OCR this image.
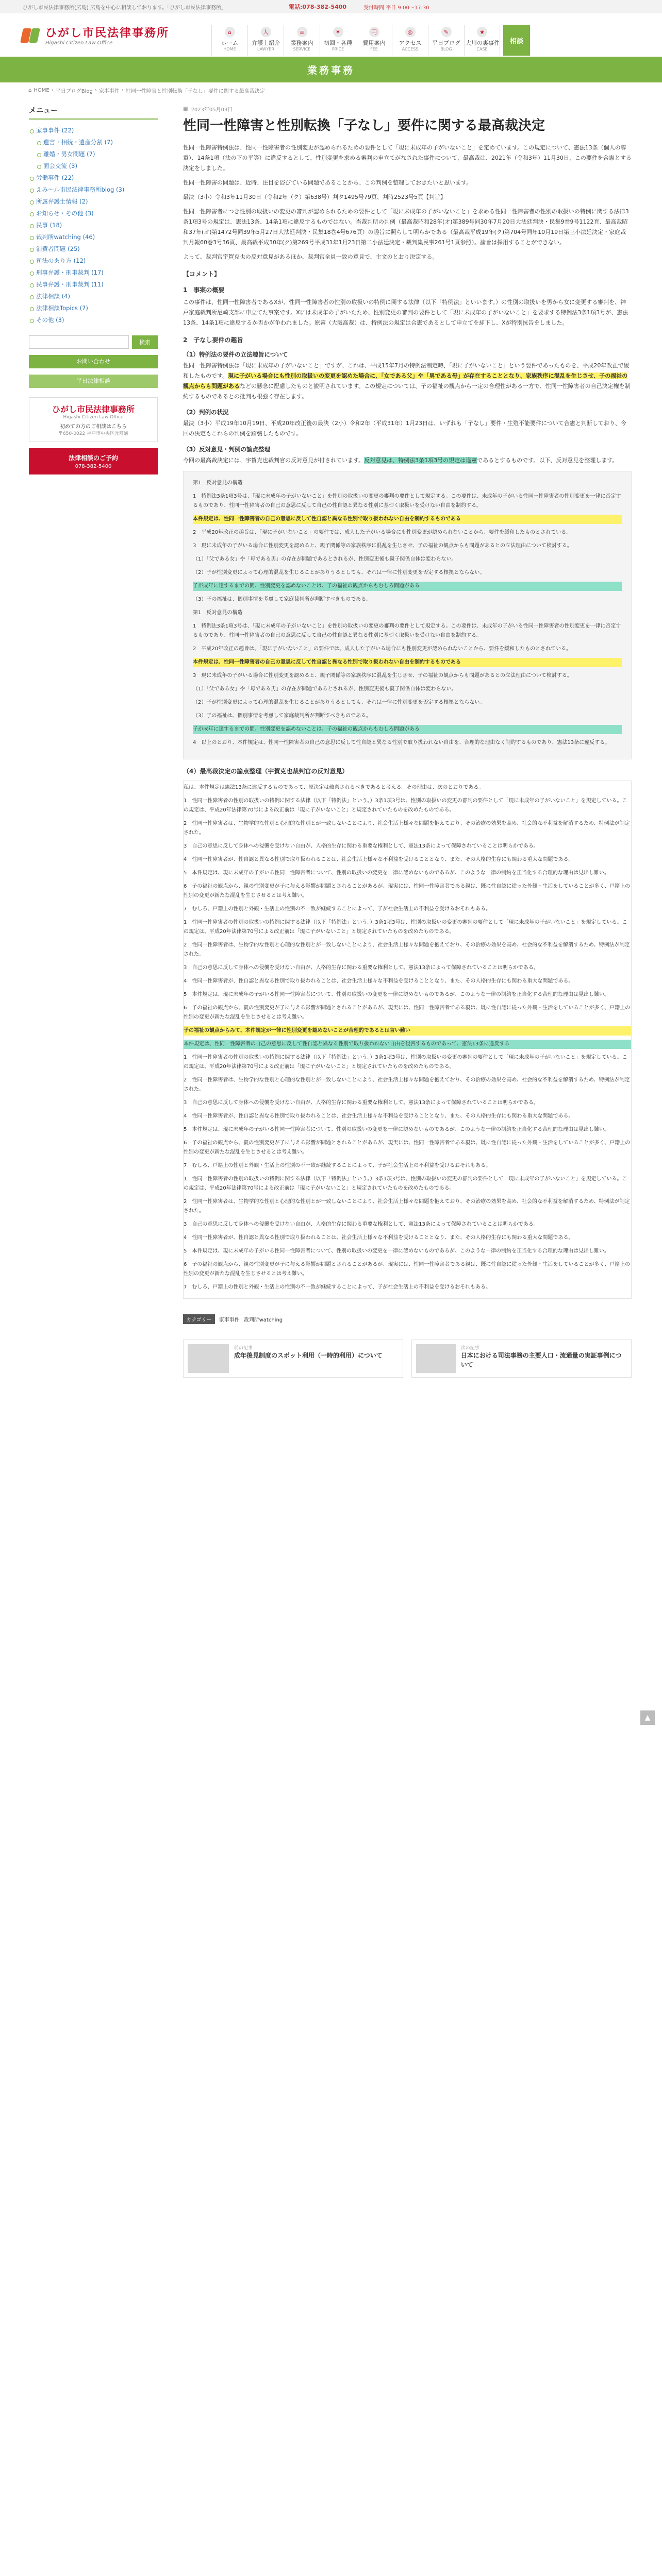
ひがし市民法律事務所(広島) 広島を中心に相談しております。「ひがし市民法律事務所」	電話:078-382-5400	受付時間 平日 9:00～17:30
ひがし市民法律事務所
Higashi Citizen Law Office
⌂
ホーム
HOME
人
弁護士紹介
LAWYER
≡
業務案内
SERVICE
¥
初回・各種
PRICE
円
費用案内
FEE
◎
アクセス
ACCESS
✎
平日ブログ
BLOG
★
大川の裏事件
CASE
相談
業務事務
⌂ HOME › 平日ブログBlog › 家事事件 › 性同一性障害と性別転換「子なし」要件に関する最高裁決定
メニュー
家事事件 (22)
遺言・相続・遺産分割 (7)
離婚・男女問題 (7)
面会交流 (3)
労働事件 (22)
えみ〜ル市民法律事務所blog (3)
所属弁護士情報 (2)
お知らせ・その他 (3)
民事 (18)
裁判所watching (46)
消費者問題 (25)
司法のあり方 (12)
刑事弁護・刑事裁判 (17)
民事弁護・刑事裁判 (11)
法律相談 (4)
法律相談Topics (7)
その他 (3)
検索
お問い合わせ
平日法律相談
ひがし市民法律事務所
Higashi Citizen Law Office
初めての方のご相談はこちら
〒650-0022 神戸市中央区元町通
法律相談のご予約
078-382-5400
▦ 2023年05月03日
性同一性障害と性別転換「子なし」要件に関する最高裁決定

性同一性障害特例法は、性同一性障害者の性別変更が認められるための要件として「現に未成年の子がいないこと」を定めています。この規定について、憲法13条（個人の尊重）、14条1項（法の下の平等）に違反するとして、性別変更を求める審判の申立てがなされた事件について、最高裁は、2021年（令和3年）11月30日、この要件を合憲とする決定をしました。

性同一性障害の問題は、近時、注目を浴びている問題であることから、この判例を整理しておきたいと思います。

最決（3小）令和3年11月30日（令和2年（ク）第638号）判タ1495号79頁、判時2523号5頁【判旨】

性同一性障害者につき性別の取扱いの変更の審判が認められるための要件として「現に未成年の子がいないこと」を求める性同一性障害者の性別の取扱いの特例に関する法律3条1項3号の規定は、憲法13条、14条1項に違反するものではない。当裁判所の判例（最高裁昭和28年(オ)第389号同30年7月20日大法廷判決・民集9巻9号1122頁、最高裁昭和37年(オ)第1472号同39年5月27日大法廷判決・民集18巻4号676頁）の趣旨に照らして明らかである（最高裁平成19年(ク)第704号同年10月19日第三小法廷決定・家庭裁判月報60巻3号36頁、最高裁平成30年(ク)第269号平成31年1月23日第二小法廷決定・裁判集民事261号1頁参照）。論旨は採用することができない。

よって、裁判官宇賀克也の反対意見があるほか、裁判官全員一致の意見で、主文のとおり決定する。

【コメント】
1　事案の概要

この事件は、性同一性障害者であるXが、性同一性障害者の性別の取扱いの特例に関する法律（以下「特例法」といいます。）の性別の取扱いを男から女に変更する審判を、神戸家庭裁判所尼崎支部に申立てた事案です。Xには未成年の子がいたため、性別変更の審判の要件として「現に未成年の子がいないこと」を要求する特例法3条1項3号が、憲法13条、14条1項に違反するか否かが争われました。原審（大阪高裁）は、特例法の規定は合憲であるとして申立てを却下し、Xが特別抗告をしました。

2　子なし要件の趣旨
（1）特例法の要件の立法趣旨について

性同一性障害特例法は「現に未成年の子がいないこと」ですが、これは、平成15年7月の特例法制定時、「現に子がいないこと」という要件であったものを、平成20年改正で緩和したものです。現に子がいる場合にも性別の取扱いの変更を認めた場合に、「女である父」や「男である母」が存在することとなり、家族秩序に混乱を生じさせ、子の福祉の観点からも問題があるなどの懸念に配慮したものと説明されています。この規定については、子の福祉の観点から一定の合理性がある一方で、性同一性障害者の自己決定権を制約するものであるとの批判も根強く存在します。

（2）判例の状況

最決（3小）平成19年10月19日、平成20年改正後の最決（2小）令和2年（平成31年）1月23日は、いずれも「子なし」要件・生殖不能要件について合憲と判断しており、今回の決定もこれらの判例を踏襲したものです。

（3）反対意見・判例の論点整理

今回の最高裁決定には、宇賀克也裁判官の反対意見が付されています。反対意見は、特例法3条1項3号の規定は違憲であるとするものです。以下、反対意見を整理します。

第1　反対意見の構造

1　特例法3条1項3号は、「現に未成年の子がいないこと」を性別の取扱いの変更の審判の要件として規定する。この要件は、未成年の子がいる性同一性障害者の性別変更を一律に否定するものであり、性同一性障害者の自己の意思に反して自己の性自認と異なる性別に基づく取扱いを受けない自由を制約する。

本件規定は、性同一性障害者の自己の意思に反して性自認と異なる性別で取り扱われない自由を制約するものである

2　平成20年改正の趣旨は、「現に子がいないこと」の要件では、成人した子がいる場合にも性別変更が認められないことから、要件を緩和したものとされている。

3　現に未成年の子がいる場合に性別変更を認めると、親子関係等の家族秩序に混乱を生じさせ、子の福祉の観点からも問題があるとの立法理由について検討する。

（1）「父である女」や「母である男」の存在が問題であるとされるが、性別変更後も親子関係自体は変わらない。

（2）子が性別変更によって心理的混乱を生じることがありうるとしても、それは一律に性別変更を否定する根拠とならない。

子が成年に達するまでの間、性別変更を認めないことは、子の福祉の観点からもむしろ問題がある

（3）子の福祉は、個別事情を考慮して家庭裁判所が判断すべきものである。

第1　反対意見の構造

1　特例法3条1項3号は、「現に未成年の子がいないこと」を性別の取扱いの変更の審判の要件として規定する。この要件は、未成年の子がいる性同一性障害者の性別変更を一律に否定するものであり、性同一性障害者の自己の意思に反して自己の性自認と異なる性別に基づく取扱いを受けない自由を制約する。

2　平成20年改正の趣旨は、「現に子がいないこと」の要件では、成人した子がいる場合にも性別変更が認められないことから、要件を緩和したものとされている。

本件規定は、性同一性障害者の自己の意思に反して性自認と異なる性別で取り扱われない自由を制約するものである

3　現に未成年の子がいる場合に性別変更を認めると、親子関係等の家族秩序に混乱を生じさせ、子の福祉の観点からも問題があるとの立法理由について検討する。

（1）「父である女」や「母である男」の存在が問題であるとされるが、性別変更後も親子関係自体は変わらない。

（2）子が性別変更によって心理的混乱を生じることがありうるとしても、それは一律に性別変更を否定する根拠とならない。

（3）子の福祉は、個別事情を考慮して家庭裁判所が判断すべきものである。

子が成年に達するまでの間、性別変更を認めないことは、子の福祉の観点からもむしろ問題がある

4　以上のとおり、本件規定は、性同一性障害者の自己の意思に反して性自認と異なる性別で取り扱われない自由を、合理的な理由なく制約するものであり、憲法13条に違反する。

（4）最高裁決定の論点整理（宇賀克也裁判官の反対意見）

私は、本件規定は憲法13条に違反するものであって、原決定は破棄されるべきであると考える。その理由は、次のとおりである。

1　性同一性障害者の性別の取扱いの特例に関する法律（以下「特例法」という。）3条1項3号は、性別の取扱いの変更の審判の要件として「現に未成年の子がいないこと」を規定している。この規定は、平成20年法律第70号による改正前は「現に子がいないこと」と規定されていたものを改めたものである。

2　性同一性障害者は、生物学的な性別と心理的な性別とが一致しないことにより、社会生活上様々な問題を抱えており、その治療の効果を高め、社会的な不利益を解消するため、特例法が制定された。

3　自己の意思に反して身体への侵襲を受けない自由が、人格的生存に関わる重要な権利として、憲法13条によって保障されていることは明らかである。

4　性同一性障害者が、性自認と異なる性別で取り扱われることは、社会生活上様々な不利益を受けることとなり、また、その人格的生存にも関わる重大な問題である。

5　本件規定は、現に未成年の子がいる性同一性障害者について、性別の取扱いの変更を一律に認めないものであるが、このような一律の制約を正当化する合理的な理由は見出し難い。

6　子の福祉の観点から、親の性別変更が子に与える影響が問題とされることがあるが、現実には、性同一性障害者である親は、既に性自認に従った外観・生活をしていることが多く、戸籍上の性別の変更が新たな混乱を生じさせるとは考え難い。

7　むしろ、戸籍上の性別と外観・生活上の性別の不一致が継続することによって、子が社会生活上の不利益を受けるおそれもある。

1　性同一性障害者の性別の取扱いの特例に関する法律（以下「特例法」という。）3条1項3号は、性別の取扱いの変更の審判の要件として「現に未成年の子がいないこと」を規定している。この規定は、平成20年法律第70号による改正前は「現に子がいないこと」と規定されていたものを改めたものである。

2　性同一性障害者は、生物学的な性別と心理的な性別とが一致しないことにより、社会生活上様々な問題を抱えており、その治療の効果を高め、社会的な不利益を解消するため、特例法が制定された。

3　自己の意思に反して身体への侵襲を受けない自由が、人格的生存に関わる重要な権利として、憲法13条によって保障されていることは明らかである。

4　性同一性障害者が、性自認と異なる性別で取り扱われることは、社会生活上様々な不利益を受けることとなり、また、その人格的生存にも関わる重大な問題である。

5　本件規定は、現に未成年の子がいる性同一性障害者について、性別の取扱いの変更を一律に認めないものであるが、このような一律の制約を正当化する合理的な理由は見出し難い。

6　子の福祉の観点から、親の性別変更が子に与える影響が問題とされることがあるが、現実には、性同一性障害者である親は、既に性自認に従った外観・生活をしていることが多く、戸籍上の性別の変更が新たな混乱を生じさせるとは考え難い。

子の福祉の観点からみて、本件規定が一律に性別変更を認めないことが合理的であるとは言い難い

本件規定は、性同一性障害者の自己の意思に反して性自認と異なる性別で取り扱われない自由を侵害するものであって、憲法13条に違反する

1　性同一性障害者の性別の取扱いの特例に関する法律（以下「特例法」という。）3条1項3号は、性別の取扱いの変更の審判の要件として「現に未成年の子がいないこと」を規定している。この規定は、平成20年法律第70号による改正前は「現に子がいないこと」と規定されていたものを改めたものである。

2　性同一性障害者は、生物学的な性別と心理的な性別とが一致しないことにより、社会生活上様々な問題を抱えており、その治療の効果を高め、社会的な不利益を解消するため、特例法が制定された。

3　自己の意思に反して身体への侵襲を受けない自由が、人格的生存に関わる重要な権利として、憲法13条によって保障されていることは明らかである。

4　性同一性障害者が、性自認と異なる性別で取り扱われることは、社会生活上様々な不利益を受けることとなり、また、その人格的生存にも関わる重大な問題である。

5　本件規定は、現に未成年の子がいる性同一性障害者について、性別の取扱いの変更を一律に認めないものであるが、このような一律の制約を正当化する合理的な理由は見出し難い。

6　子の福祉の観点から、親の性別変更が子に与える影響が問題とされることがあるが、現実には、性同一性障害者である親は、既に性自認に従った外観・生活をしていることが多く、戸籍上の性別の変更が新たな混乱を生じさせるとは考え難い。

7　むしろ、戸籍上の性別と外観・生活上の性別の不一致が継続することによって、子が社会生活上の不利益を受けるおそれもある。

1　性同一性障害者の性別の取扱いの特例に関する法律（以下「特例法」という。）3条1項3号は、性別の取扱いの変更の審判の要件として「現に未成年の子がいないこと」を規定している。この規定は、平成20年法律第70号による改正前は「現に子がいないこと」と規定されていたものを改めたものである。

2　性同一性障害者は、生物学的な性別と心理的な性別とが一致しないことにより、社会生活上様々な問題を抱えており、その治療の効果を高め、社会的な不利益を解消するため、特例法が制定された。

3　自己の意思に反して身体への侵襲を受けない自由が、人格的生存に関わる重要な権利として、憲法13条によって保障されていることは明らかである。

4　性同一性障害者が、性自認と異なる性別で取り扱われることは、社会生活上様々な不利益を受けることとなり、また、その人格的生存にも関わる重大な問題である。

5　本件規定は、現に未成年の子がいる性同一性障害者について、性別の取扱いの変更を一律に認めないものであるが、このような一律の制約を正当化する合理的な理由は見出し難い。

6　子の福祉の観点から、親の性別変更が子に与える影響が問題とされることがあるが、現実には、性同一性障害者である親は、既に性自認に従った外観・生活をしていることが多く、戸籍上の性別の変更が新たな混乱を生じさせるとは考え難い。

7　むしろ、戸籍上の性別と外観・生活上の性別の不一致が継続することによって、子が社会生活上の不利益を受けるおそれもある。

カテゴリー	家事事件 裁判所watching
前の記事
成年後見制度のスポット利用（一時的利用）について
次の記事
日本における司法事務の主要人口・流通量の実証事例について
▲
